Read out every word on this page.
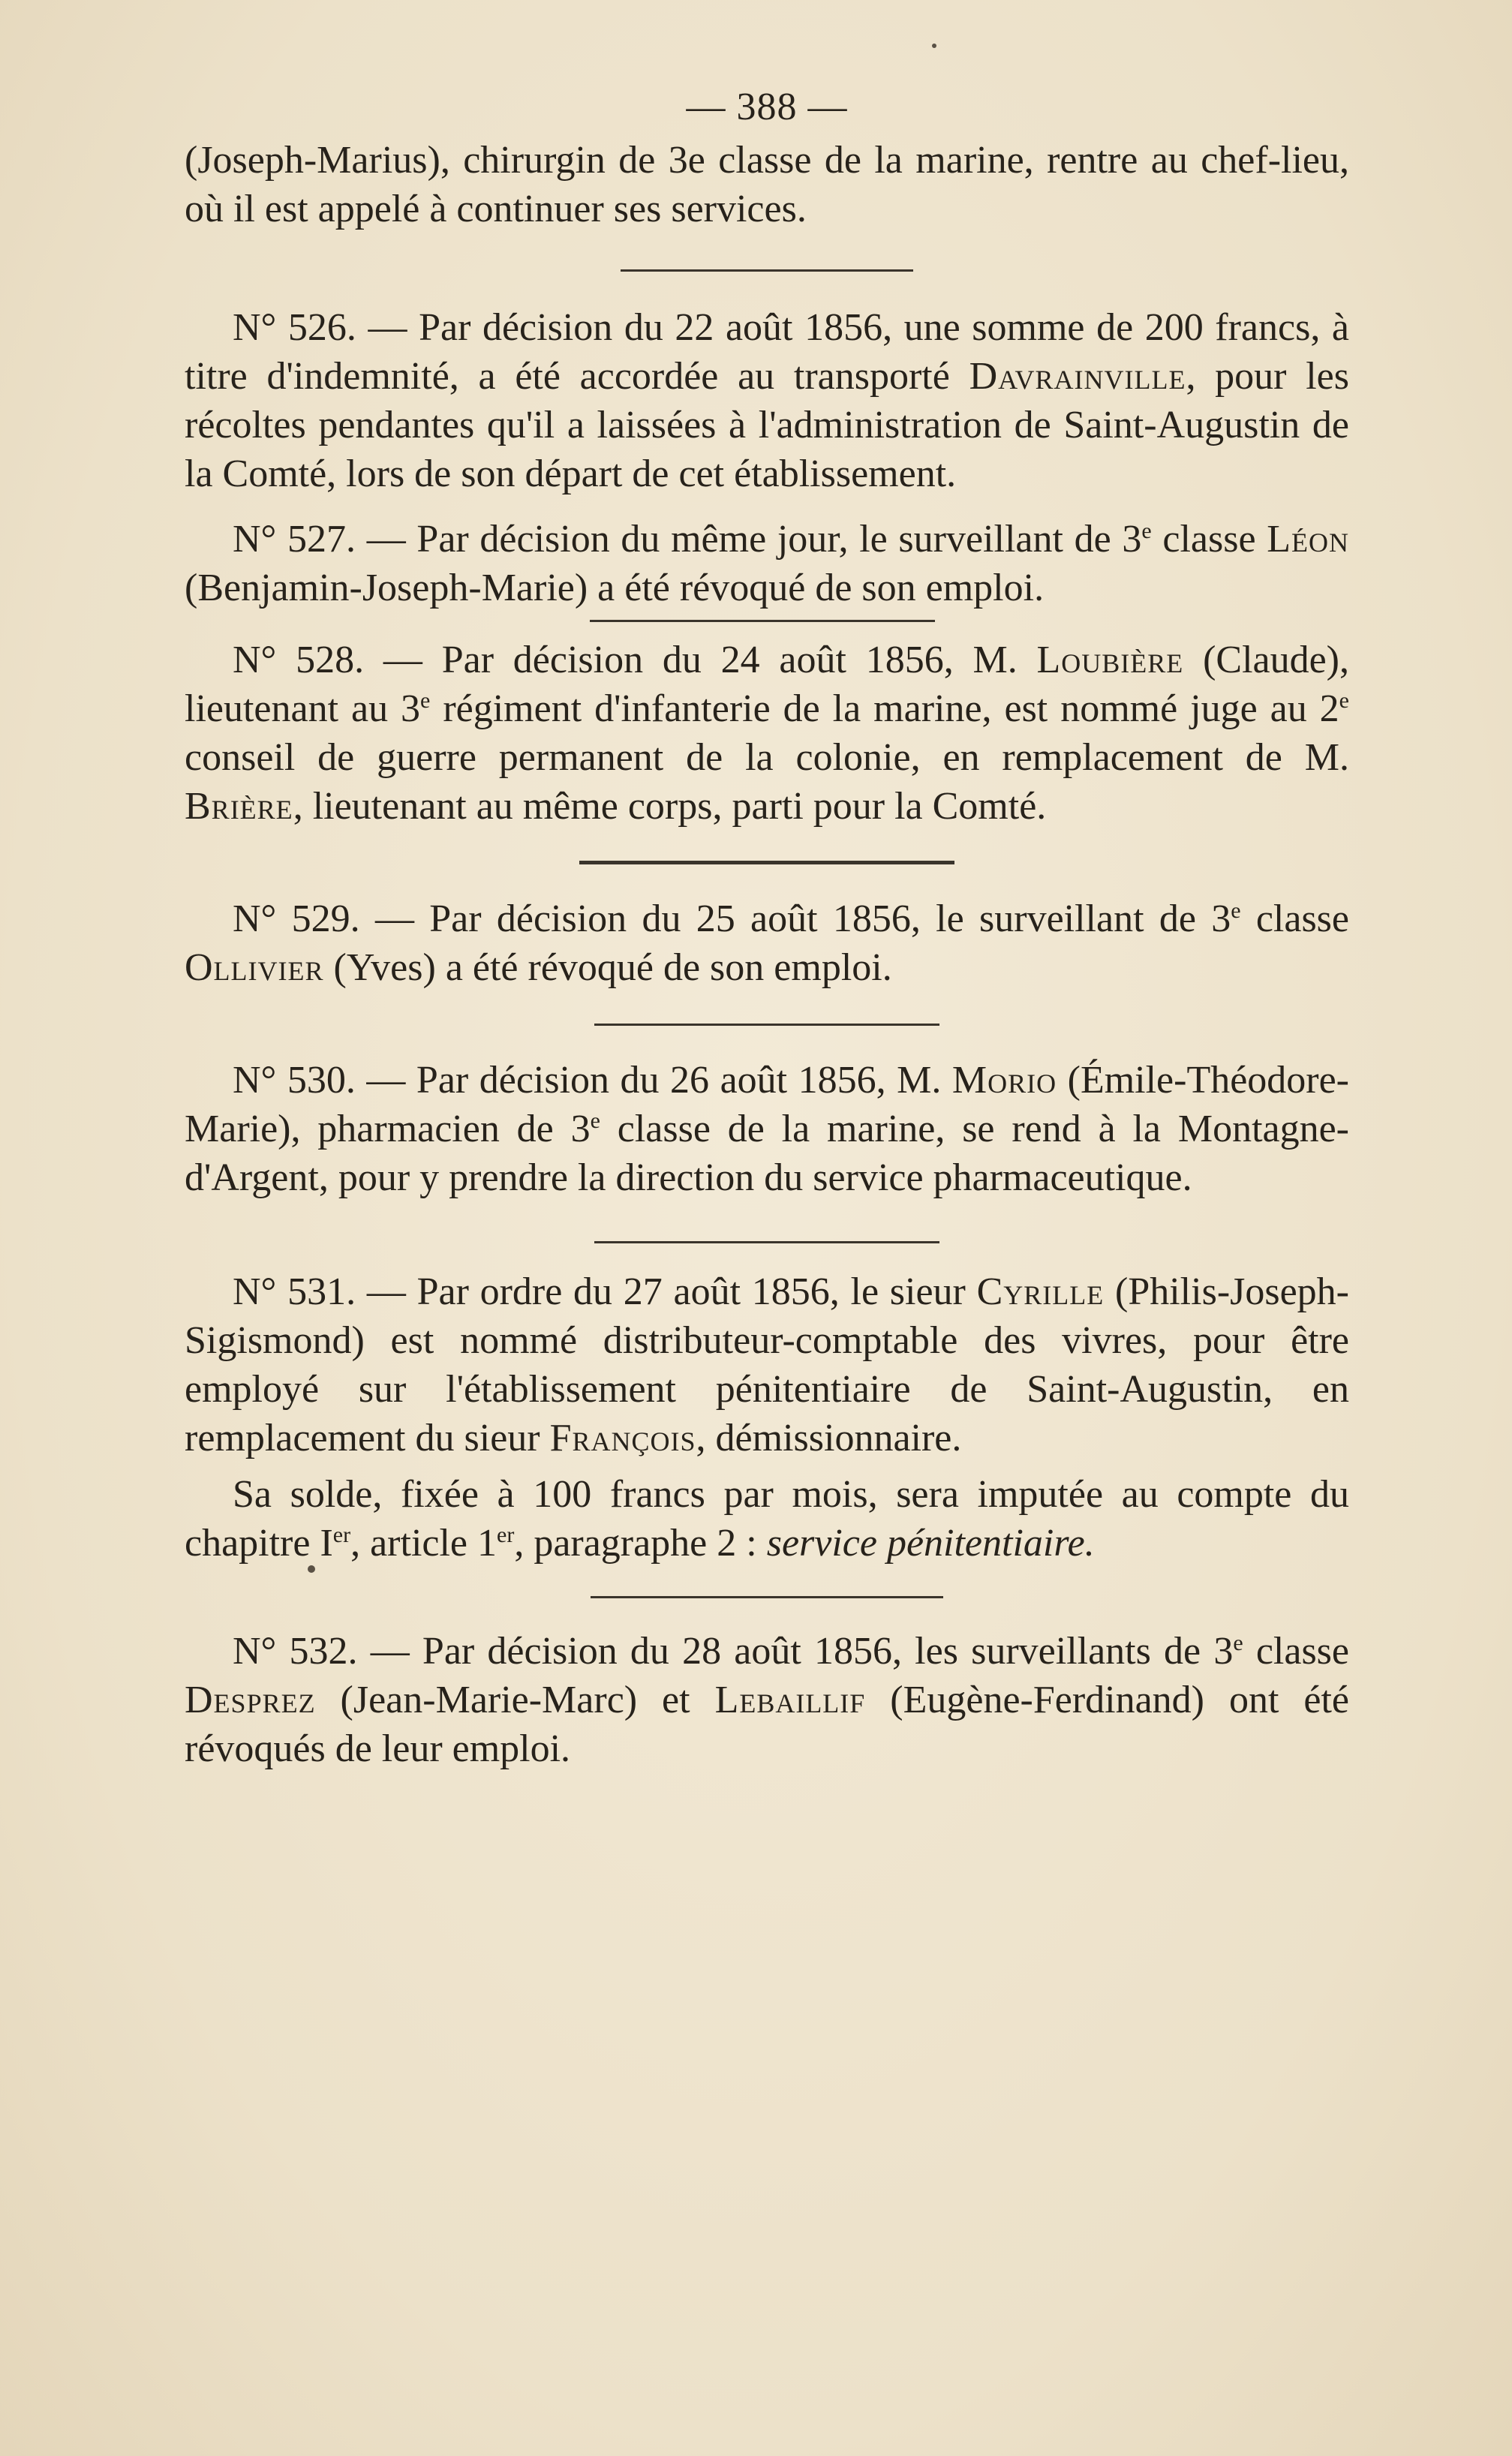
— 388 —

(Joseph-Marius), chirurgin de 3e classe de la marine, rentre au chef-lieu, où il est appelé à continuer ses services.

N° 526. — Par décision du 22 août 1856, une somme de 200 francs, à titre d'indemnité, a été accordée au transporté Davrainville, pour les récoltes pendantes qu'il a laissées à l'administration de Saint-Augustin de la Comté, lors de son départ de cet établissement.

N° 527. — Par décision du même jour, le surveillant de 3e classe Léon (Benjamin-Joseph-Marie) a été révoqué de son emploi.

N° 528. — Par décision du 24 août 1856, M. Loubière (Claude), lieutenant au 3e régiment d'infanterie de la marine, est nommé juge au 2e conseil de guerre permanent de la colonie, en remplacement de M. Brière, lieutenant au même corps, parti pour la Comté.

N° 529. — Par décision du 25 août 1856, le surveillant de 3e classe Ollivier (Yves) a été révoqué de son emploi.

N° 530. — Par décision du 26 août 1856, M. Morio (Émile-Théodore-Marie), pharmacien de 3e classe de la marine, se rend à la Montagne-d'Argent, pour y prendre la direction du service pharmaceutique.

N° 531. — Par ordre du 27 août 1856, le sieur Cyrille (Philis-Joseph-Sigismond) est nommé distributeur-comptable des vivres, pour être employé sur l'établissement pénitentiaire de Saint-Augustin, en remplacement du sieur François, démissionnaire.

Sa solde, fixée à 100 francs par mois, sera imputée au compte du chapitre Ier, article 1er, paragraphe 2 : service pénitentiaire.

N° 532. — Par décision du 28 août 1856, les surveillants de 3e classe Desprez (Jean-Marie-Marc) et Lebaillif (Eugène-Ferdinand) ont été révoqués de leur emploi.
